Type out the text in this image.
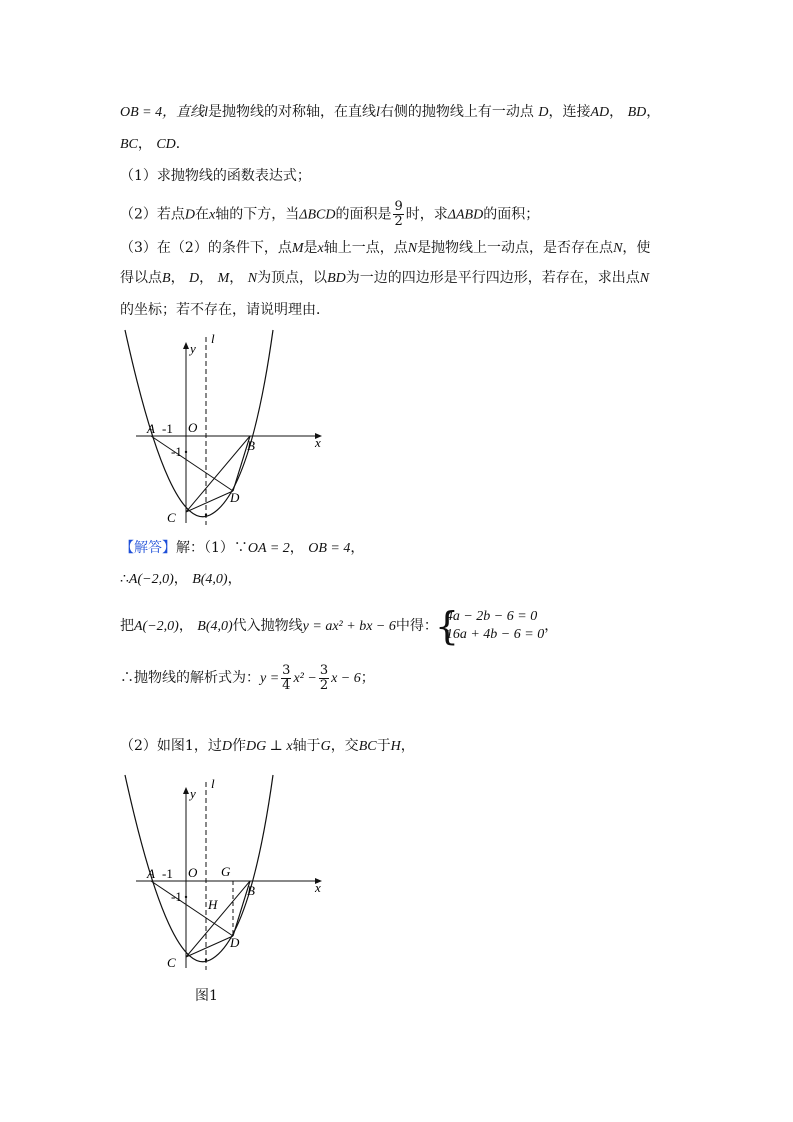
OB = 4，直线l是抛物线的对称轴，在直线l右侧的抛物线上有一动点 D，连接AD， BD，
BC， CD．
（1）求抛物线的函数表达式；
（2）若点D在x轴的下方，当ΔBCD的面积是 $\frac{9}{2}$ 时，求ΔABD的面积；
（3）在（2）的条件下，点M是x轴上一点，点N是抛物线上一动点，是否存在点N，使
得以点B， D， M， N为顶点，以BD为一边的四边形是平行四边形，若存在，求出点N
的坐标；若不存在，请说明理由．
y
l
A -1 O
B	x
-1
D
C
【解答】解：（1）∵OA = 2， OB = 4，
∴A(−2,0)， B(4,0)，
把A(−2,0)， B(4,0)代入抛物线y = ax² + bx − 6中得：
{ 4a − 2b − 6 = 0
16a + 4b − 6 = 0
，
∴抛物线的解析式为：$y = \frac{3}{4} x^2 - \frac{3}{2}$ x − 6；
（2）如图1，过D作DG ⊥ x轴于G，交BC于H，
y
l
A -1 O G
B	x
-1
H
D
C
图1
